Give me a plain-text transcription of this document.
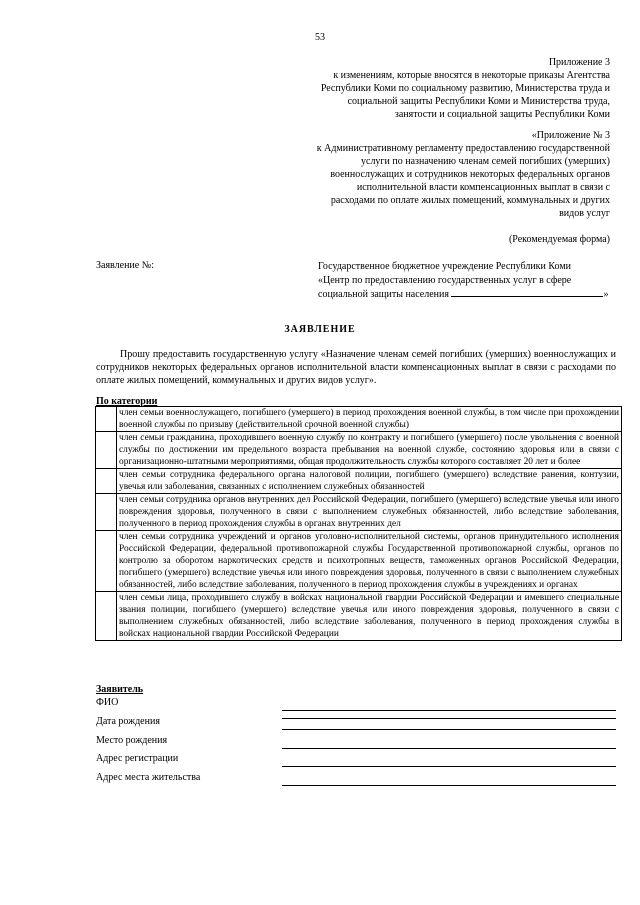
53
Приложение 3
к изменениям, которые вносятся в некоторые приказы Агентства
Республики Коми по социальному развитию, Министерства труда и
социальной защиты Республики Коми и Министерства труда,
занятости и социальной защиты Республики Коми
«Приложение № 3
к Административному регламенту предоставлению государственной
услуги по назначению членам семей погибших (умерших)
военнослужащих и сотрудников некоторых федеральных органов
исполнительной власти компенсационных выплат в связи с
расходами по оплате жилых помещений, коммунальных и других
видов услуг
(Рекомендуемая форма)
Заявление №:	Государственное бюджетное учреждение Республики Коми
«Центр по предоставлению государственных услуг в сфере
социальной защиты населения	»
ЗАЯВЛЕНИЕ
Прошу предоставить государственную услугу «Назначение членам семей погибших (умерших) военнослужащих и сотрудников некоторых федеральных органов исполнительной власти компенсационных выплат в связи с расходами по оплате жилых помещений, коммунальных и других видов услуг».
По категории
	член семьи военнослужащего, погибшего (умершего) в период прохождения военной службы, в том числе при прохождении военной службы по призыву (действительной срочной военной службы)
	член семьи гражданина, проходившего военную службу по контракту и погибшего (умершего) после увольнения с военной службы по достижении им предельного возраста пребывания на военной службе, состоянию здоровья или в связи с организационно-штатными мероприятиями, общая продолжительность службы которого составляет 20 лет и более
	член семьи сотрудника федерального органа налоговой полиции, погибшего (умершего) вследствие ранения, контузии, увечья или заболевания, связанных с исполнением служебных обязанностей
	член семьи сотрудника органов внутренних дел Российской Федерации, погибшего (умершего) вследствие увечья или иного повреждения здоровья, полученного в связи с выполнением служебных обязанностей, либо вследствие заболевания, полученного в период прохождения службы в органах внутренних дел
	член семьи сотрудника учреждений и органов уголовно-исполнительной системы, органов принудительного исполнения Российской Федерации, федеральной противопожарной службы Государственной противопожарной службы, органов по контролю за оборотом наркотических средств и психотропных веществ, таможенных органов Российской Федерации, погибшего (умершего) вследствие увечья или иного повреждения здоровья, полученного в связи с выполнением служебных обязанностей, либо вследствие заболевания, полученного в период прохождения службы в учреждениях и органах
	член семьи лица, проходившего службу в войсках национальной гвардии Российской Федерации и имевшего специальные звания полиции, погибшего (умершего) вследствие увечья или иного повреждения здоровья, полученного в связи с выполнением служебных обязанностей, либо вследствие заболевания, полученного в период прохождения службы в войсках национальной гвардии Российской Федерации
Заявитель
ФИО
Дата рождения
Место рождения
Адрес регистрации
Адрес места жительства
